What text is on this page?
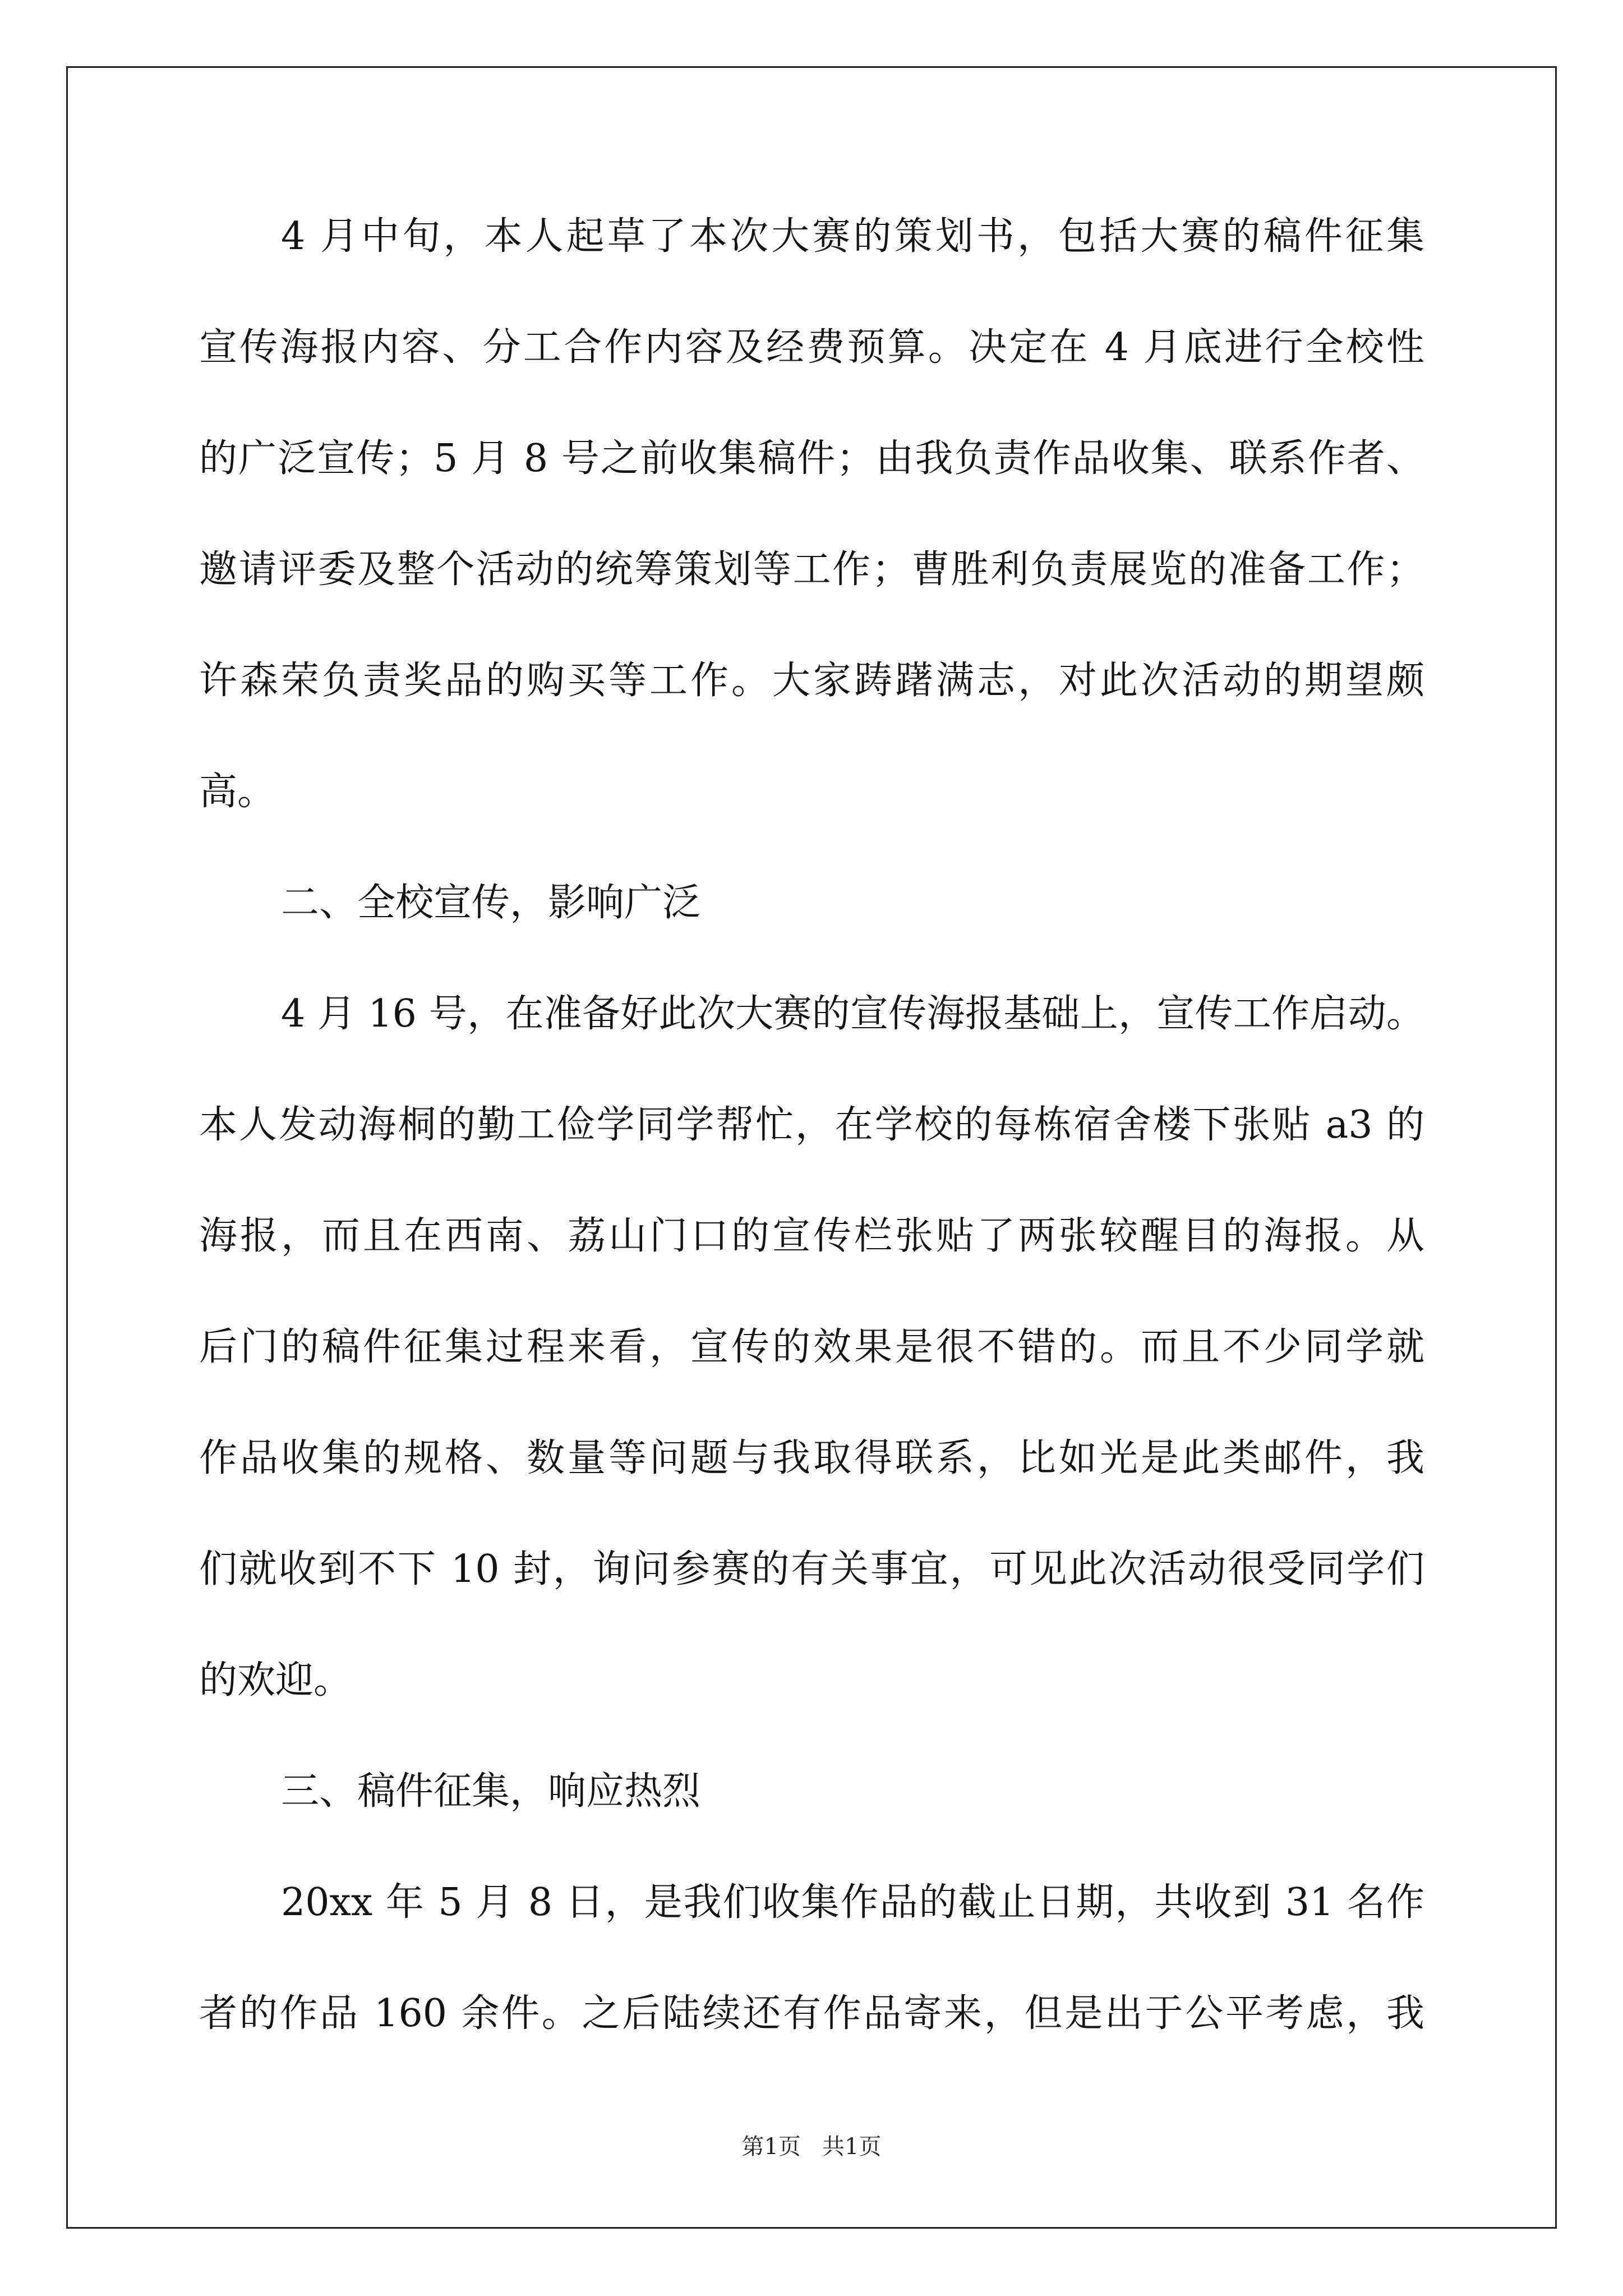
4 月中旬，本人起草了本次大赛的策划书，包括大赛的稿件征集
宣传海报内容、分工合作内容及经费预算。决定在 4 月底进行全校性
的广泛宣传；5 月 8 号之前收集稿件；由我负责作品收集、联系作者、
邀请评委及整个活动的统筹策划等工作；曹胜利负责展览的准备工作；
许森荣负责奖品的购买等工作。大家踌躇满志，对此次活动的期望颇
高。
二、全校宣传，影响广泛
4 月 16 号，在准备好此次大赛的宣传海报基础上，宣传工作启动。
本人发动海桐的勤工俭学同学帮忙，在学校的每栋宿舍楼下张贴 a3 的
海报，而且在西南、荔山门口的宣传栏张贴了两张较醒目的海报。从
后门的稿件征集过程来看，宣传的效果是很不错的。而且不少同学就
作品收集的规格、数量等问题与我取得联系，比如光是此类邮件，我
们就收到不下 10 封，询问参赛的有关事宜，可见此次活动很受同学们
的欢迎。
三、稿件征集，响应热烈
20xx 年 5 月 8 日，是我们收集作品的截止日期，共收到 31 名作
者的作品 160 余件。之后陆续还有作品寄来，但是出于公平考虑，我
第1页   共1页
